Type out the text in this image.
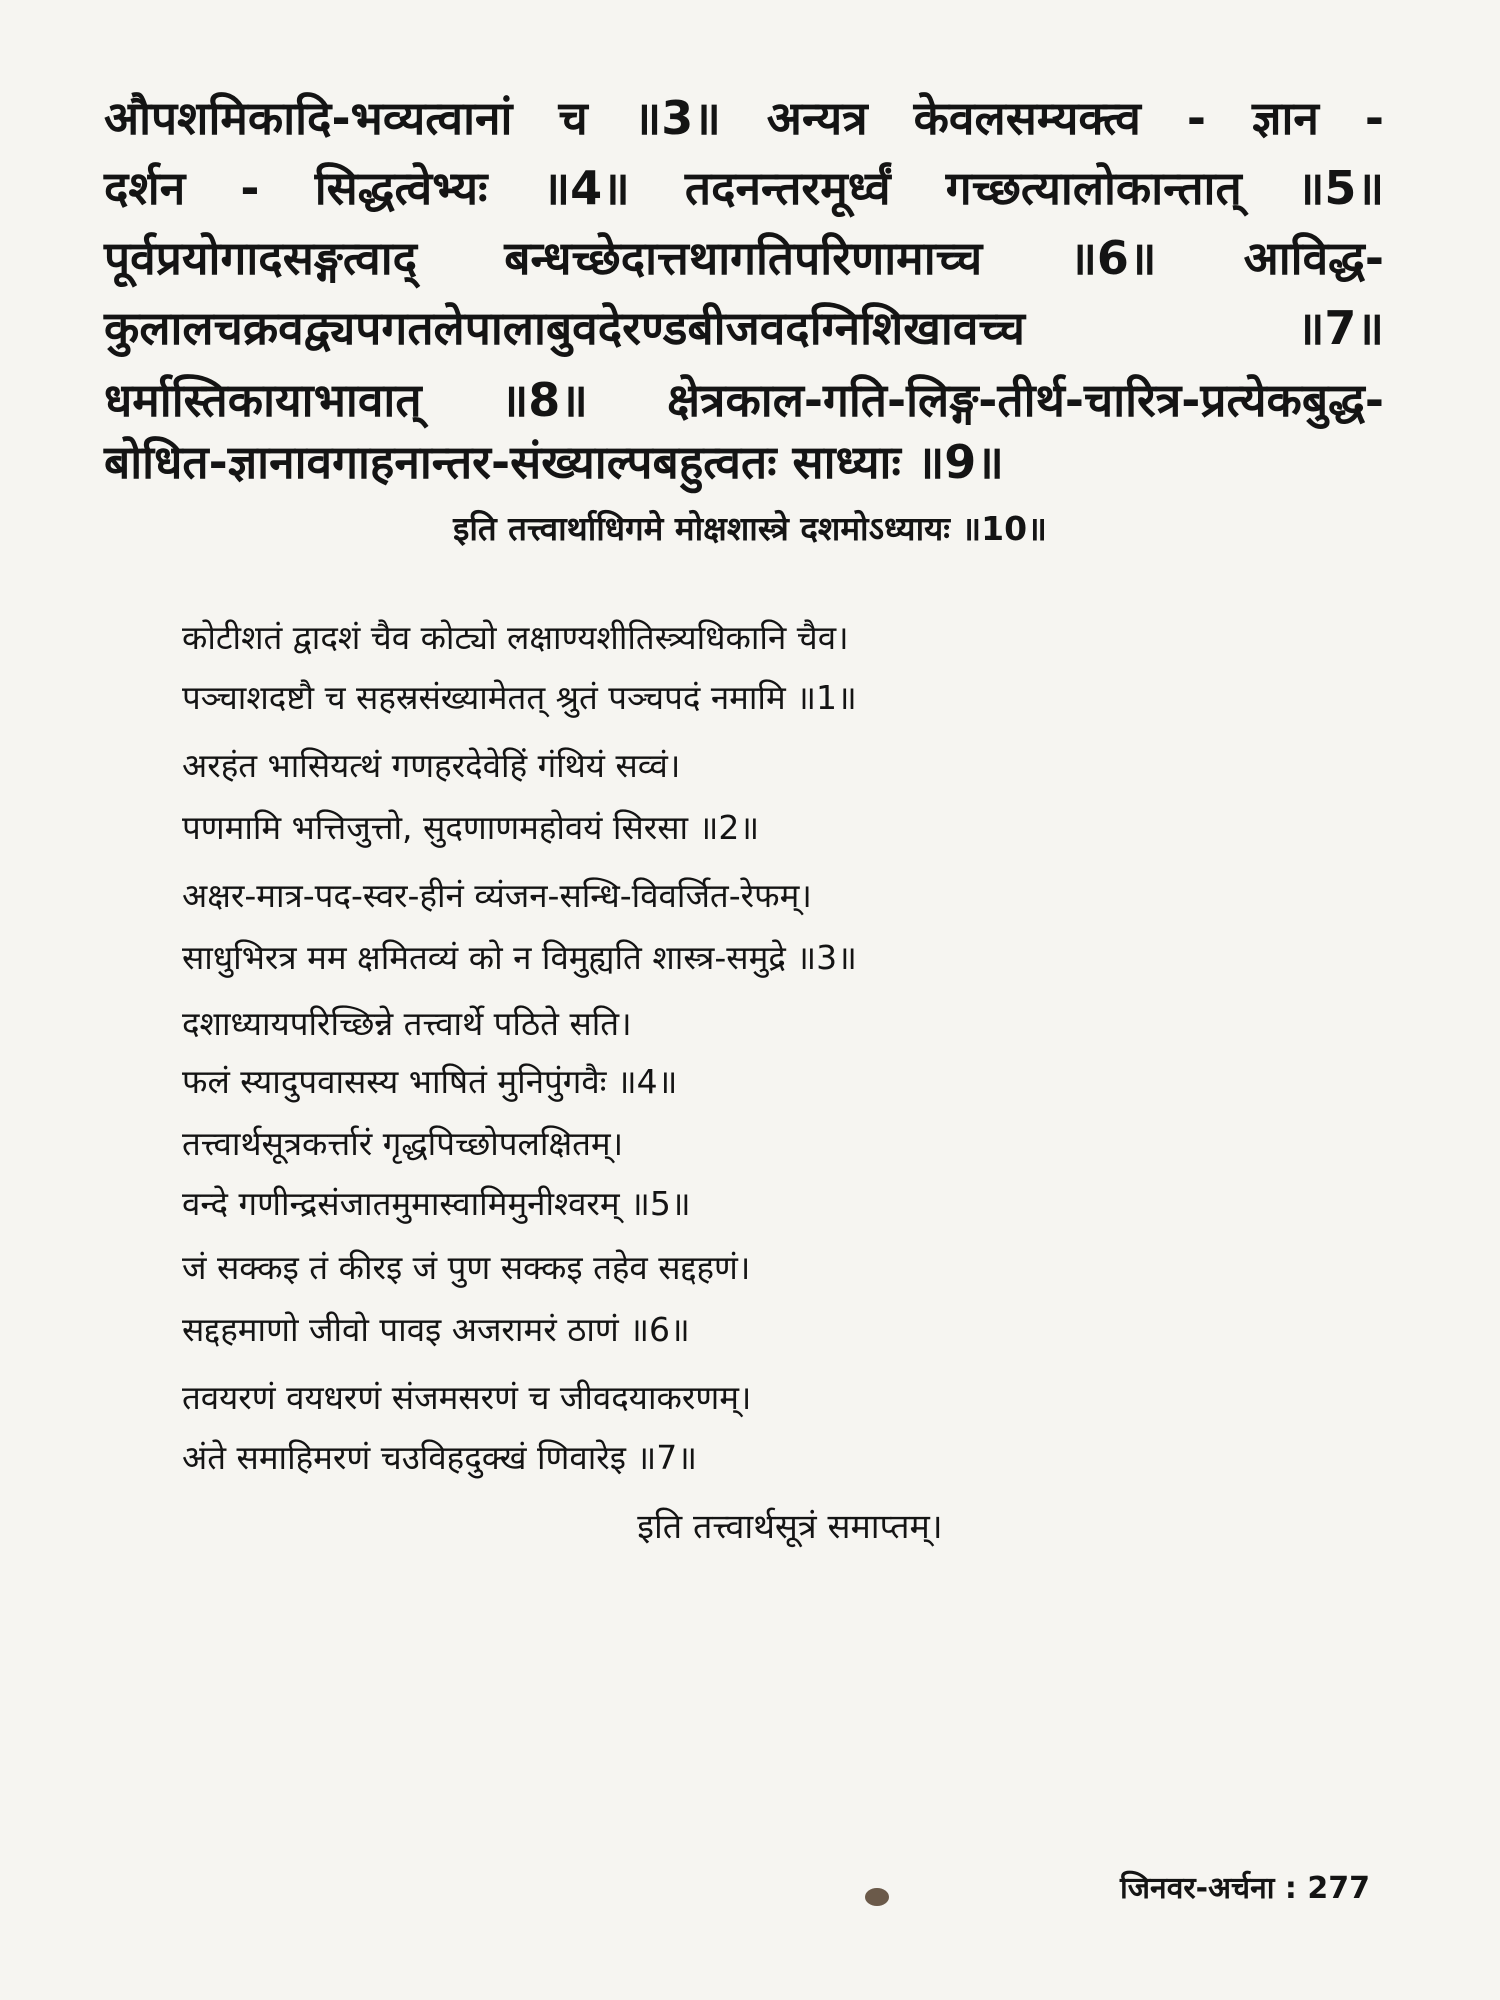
औपशमिकादि-भव्यत्वानां च ॥3॥ अन्यत्र केवलसम्यक्त्व - ज्ञान -
दर्शन - सिद्धत्वेभ्यः ॥4॥ तदनन्तरमूर्ध्वं गच्छत्यालोकान्तात् ॥5॥
पूर्वप्रयोगादसङ्गत्वाद् बन्धच्छेदात्तथागतिपरिणामाच्च ॥6॥ आविद्ध-
कुलालचक्रवद्व्यपगतलेपालाबुवदेरण्डबीजवदग्निशिखावच्च ॥7॥
धर्मास्तिकायाभावात् ॥8॥ क्षेत्रकाल-गति-लिङ्ग-तीर्थ-चारित्र-प्रत्येकबुद्ध-
बोधित-ज्ञानावगाहनान्तर-संख्याल्पबहुत्वतः साध्याः ॥9॥
इति तत्त्वार्थाधिगमे मोक्षशास्त्रे दशमोऽध्यायः ॥10॥
कोटीशतं द्वादशं चैव कोट्यो लक्षाण्यशीतिस्त्र्यधिकानि चैव।
पञ्चाशदष्टौ च सहस्रसंख्यामेतत् श्रुतं पञ्चपदं नमामि ॥1॥
अरहंत भासियत्थं गणहरदेवेहिं गंथियं सव्वं।
पणमामि भत्तिजुत्तो, सुदणाणमहोवयं सिरसा ॥2॥
अक्षर-मात्र-पद-स्वर-हीनं व्यंजन-सन्धि-विवर्जित-रेफम्।
साधुभिरत्र मम क्षमितव्यं को न विमुह्यति शास्त्र-समुद्रे ॥3॥
दशाध्यायपरिच्छिन्ने तत्त्वार्थे पठिते सति।
फलं स्यादुपवासस्य भाषितं मुनिपुंगवैः ॥4॥
तत्त्वार्थसूत्रकर्त्तारं गृद्धपिच्छोपलक्षितम्।
वन्दे गणीन्द्रसंजातमुमास्वामिमुनीश्वरम् ॥5॥
जं सक्कइ तं कीरइ जं पुण सक्कइ तहेव सद्दहणं।
सद्दहमाणो जीवो पावइ अजरामरं ठाणं ॥6॥
तवयरणं वयधरणं संजमसरणं च जीवदयाकरणम्।
अंते समाहिमरणं चउविहदुक्खं णिवारेइ ॥7॥
इति तत्त्वार्थसूत्रं समाप्तम्।
जिनवर-अर्चना : 277
